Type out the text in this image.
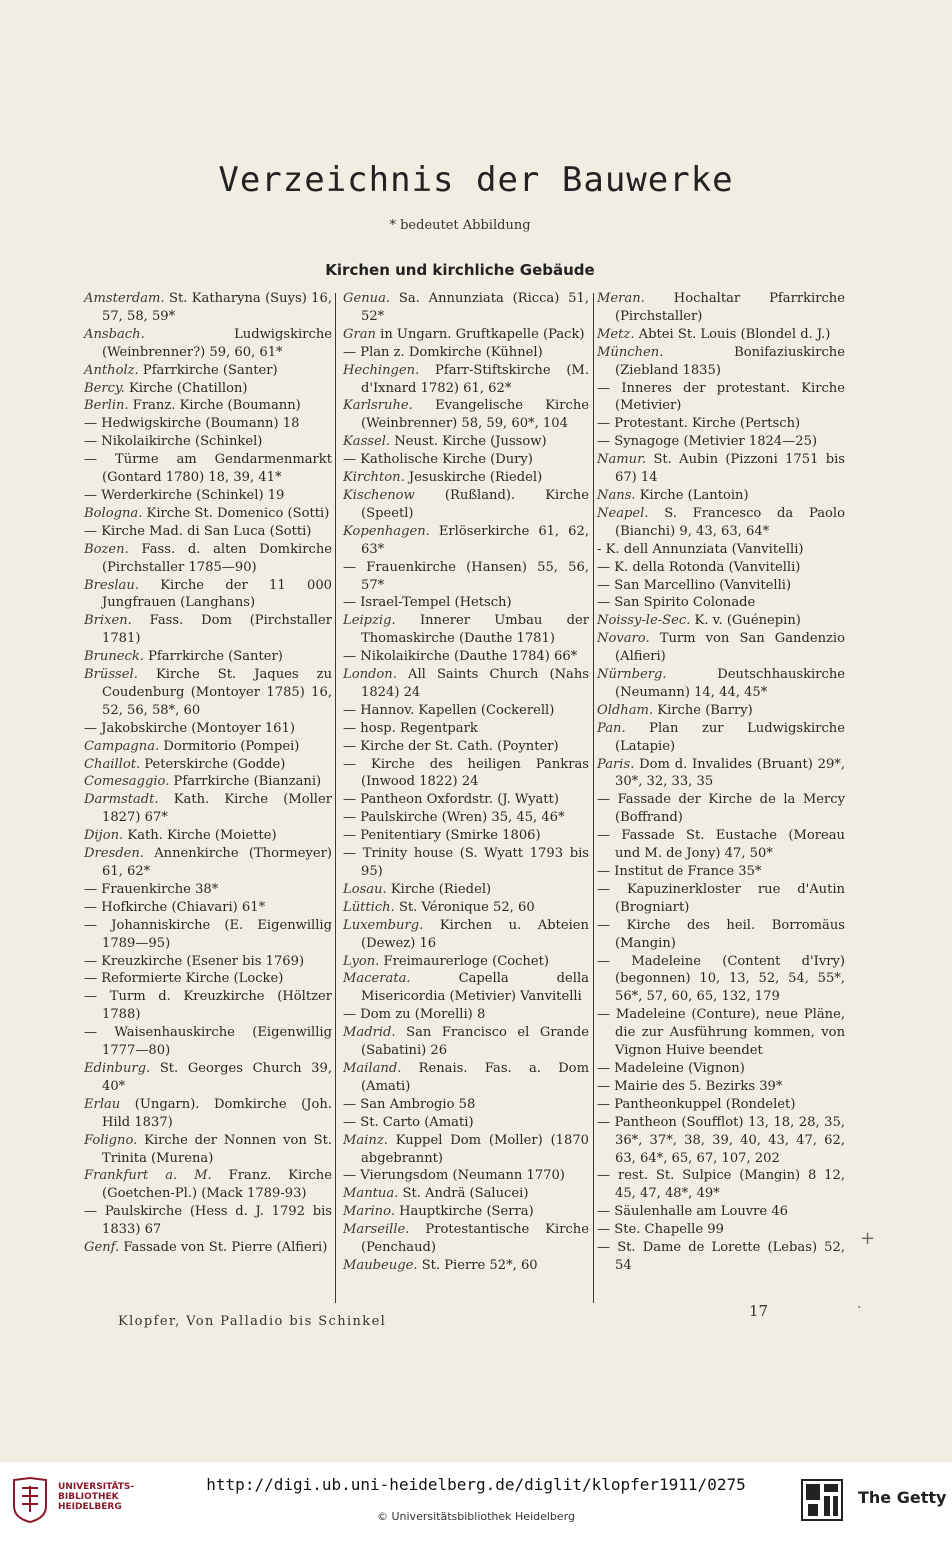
Verzeichnis der Bauwerke
* bedeutet Abbildung
Kirchen und kirchliche Gebäude
Amsterdam. St. Katharyna (Suys) 16, 57, 58, 59*
Ansbach.	Ludwigskirche (Weinbrenner?) 59, 60, 61*
Antholz. Pfarrkirche (Santer)
Bercy. Kirche (Chatillon)
Berlin. Franz. Kirche (Boumann)
— Hedwigskirche (Boumann) 18
— Nikolaikirche (Schinkel)
— Türme am Gendarmenmarkt (Gontard 1780) 18, 39, 41*
— Werderkirche (Schinkel) 19
Bologna. Kirche St. Domenico (Sotti)
— Kirche Mad. di San Luca (Sotti)
Bozen. Fass. d. alten Domkirche (Pirchstaller 1785—90)
Breslau. Kirche der 11 000 Jungfrauen (Langhans)
Brixen. Fass. Dom (Pirchstaller 1781)
Bruneck. Pfarrkirche (Santer)
Brüssel. Kirche St. Jaques zu Coudenburg (Montoyer 1785) 16, 52, 56, 58*, 60
— Jakobskirche (Montoyer 161)
Campagna. Dormitorio (Pompei)
Chaillot. Peterskirche (Godde)
Comesaggio. Pfarrkirche (Bianzani)
Darmstadt. Kath. Kirche (Moller 1827) 67*
Dijon. Kath. Kirche (Moiette)
Dresden. Annenkirche (Thormeyer) 61, 62*
— Frauenkirche 38*
— Hofkirche (Chiavari) 61*
— Johanniskirche (E. Eigenwillig 1789—95)
— Kreuzkirche (Esener bis 1769)
— Reformierte Kirche (Locke)
— Turm d. Kreuzkirche (Höltzer 1788)
— Waisenhauskirche (Eigenwillig 1777—80)
Edinburg. St. Georges Church 39, 40*
Erlau (Ungarn). Domkirche (Joh. Hild 1837)
Foligno. Kirche der Nonnen von St. Trinita (Murena)
Frankfurt a. M. Franz. Kirche (Goetchen-Pl.) (Mack 1789-93)
— Paulskirche (Hess d. J. 1792 bis 1833) 67
Genf. Fassade von St. Pierre (Alfieri)
Genua. Sa. Annunziata (Ricca) 51, 52*
Gran in Ungarn. Gruftkapelle (Pack)
— Plan z. Domkirche (Kühnel)
Hechingen. Pfarr-Stiftskirche (M. d'Ixnard 1782) 61, 62*
Karlsruhe. Evangelische Kirche (Weinbrenner) 58, 59, 60*, 104
Kassel. Neust. Kirche (Jussow)
— Katholische Kirche (Dury)
Kirchton. Jesuskirche (Riedel)
Kischenow (Rußland). Kirche (Speetl)
Kopenhagen. Erlöserkirche 61, 62, 63*
— Frauenkirche (Hansen) 55, 56, 57*
— Israel-Tempel (Hetsch)
Leipzig. Innerer Umbau der Thomaskirche (Dauthe 1781)
— Nikolaikirche (Dauthe 1784) 66*
London. All Saints Church (Nahs 1824) 24
— Hannov. Kapellen (Cockerell)
— hosp. Regentpark
— Kirche der St. Cath. (Poynter)
— Kirche des heiligen Pankras (Inwood 1822) 24
— Pantheon Oxfordstr. (J. Wyatt)
— Paulskirche (Wren) 35, 45, 46*
— Penitentiary (Smirke 1806)
— Trinity house (S. Wyatt 1793 bis 95)
Losau. Kirche (Riedel)
Lüttich. St. Véronique 52, 60
Luxemburg. Kirchen u. Abteien (Dewez) 16
Lyon. Freimaurerloge (Cochet)
Macerata.	Capella della Misericordia (Metivier) Vanvitelli
— Dom zu (Morelli) 8
Madrid. San Francisco el Grande (Sabatini) 26
Mailand. Renais. Fas. a. Dom (Amati)
— San Ambrogio 58
— St. Carto (Amati)
Mainz. Kuppel Dom (Moller) (1870 abgebrannt)
— Vierungsdom (Neumann 1770)
Mantua. St. Andrä (Salucei)
Marino. Hauptkirche (Serra)
Marseille. Protestantische Kirche (Penchaud)
Maubeuge. St. Pierre 52*, 60
Meran. Hochaltar Pfarrkirche (Pirchstaller)
Metz. Abtei St. Louis (Blondel d. J.)
München.	Bonifaziuskirche (Ziebland 1835)
— Inneres der protestant. Kirche (Metivier)
— Protestant. Kirche (Pertsch)
— Synagoge (Metivier 1824—25)
Namur. St. Aubin (Pizzoni 1751 bis 67) 14
Nans. Kirche (Lantoin)
Neapel. S. Francesco da Paolo (Bianchi) 9, 43, 63, 64*
- K. dell Annunziata (Vanvitelli)
— K. della Rotonda (Vanvitelli)
— San Marcellino (Vanvitelli)
— San Spirito Colonade
Noissy-le-Sec. K. v. (Guénepin)
Novaro. Turm von San Gandenzio (Alfieri)
Nürnberg.	Deutschhauskirche (Neumann) 14, 44, 45*
Oldham. Kirche (Barry)
Pan. Plan zur Ludwigskirche (Latapie)
Paris. Dom d. Invalides (Bruant) 29*, 30*, 32, 33, 35
— Fassade der Kirche de la Mercy (Boffrand)
— Fassade St. Eustache (Moreau und M. de Jony) 47, 50*
— Institut de France 35*
— Kapuzinerkloster rue d'Autin (Brogniart)
— Kirche des heil. Borromäus (Mangin)
— Madeleine (Content d'Ivry) (begonnen) 10, 13, 52, 54, 55*, 56*, 57, 60, 65, 132, 179
— Madeleine (Conture), neue Pläne, die zur Ausführung kommen, von Vignon Huive beendet
— Madeleine (Vignon)
— Mairie des 5. Bezirks 39*
— Pantheonkuppel (Rondelet)
— Pantheon (Soufflot) 13, 18, 28, 35, 36*, 37*, 38, 39, 40, 43, 47, 62, 63, 64*, 65, 67, 107, 202
— rest. St. Sulpice (Mangin) 8 12, 45, 47, 48*, 49*
— Säulenhalle am Louvre 46
— Ste. Chapelle 99
— St. Dame de Lorette (Lebas) 52, 54
Klopfer, Von Palladio bis Schinkel
17
+
.
UNIVERSITÄTS-
BIBLIOTHEK
HEIDELBERG
http://digi.ub.uni-heidelberg.de/diglit/klopfer1911/0275
© Universitätsbibliothek Heidelberg
The Getty
